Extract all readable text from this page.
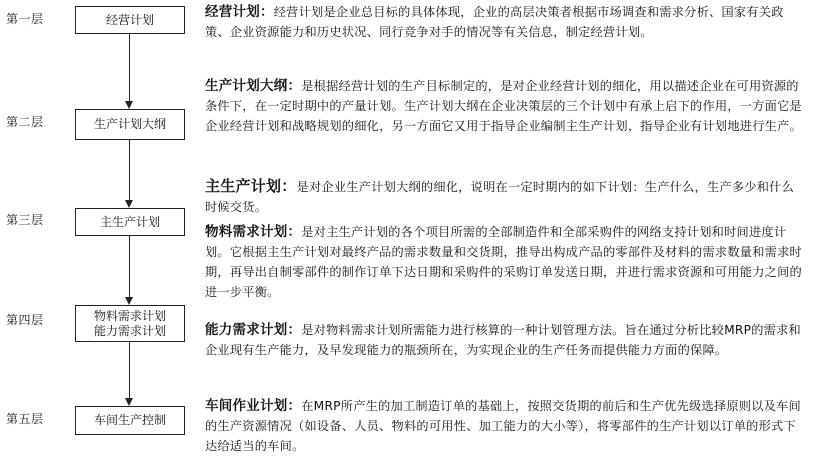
第一层
第二层
第三层
第四层
第五层
经营计划
生产计划大纲
主生产计划
物料需求计划
能力需求计划
车间生产控制
经营计划：经营计划是企业总目标的具体体现，企业的高层决策者根据市场调查和需求分析、国家有关政策、企业资源能力和历史状况、同行竞争对手的情况等有关信息，制定经营计划。
生产计划大纲：是根据经营计划的生产目标制定的，是对企业经营计划的细化，用以描述企业在可用资源的条件下，在一定时期中的产量计划。生产计划大纲在企业决策层的三个计划中有承上启下的作用，一方面它是企业经营计划和战略规划的细化，另一方面它又用于指导企业编制主生产计划，指导企业有计划地进行生产。
主生产计划：是对企业生产计划大纲的细化，说明在一定时期内的如下计划：生产什么，生产多少和什么时候交货。
物料需求计划：是对主生产计划的各个项目所需的全部制造件和全部采购件的网络支持计划和时间进度计划。它根据主生产计划对最终产品的需求数量和交货期，推导出构成产品的零部件及材料的需求数量和需求时期，再导出自制零部件的制作订单下达日期和采购件的采购订单发送日期，并进行需求资源和可用能力之间的进一步平衡。
能力需求计划：是对物料需求计划所需能力进行核算的一种计划管理方法。旨在通过分析比较MRP的需求和企业现有生产能力，及早发现能力的瓶颈所在，为实现企业的生产任务而提供能力方面的保障。
车间作业计划：在MRP所产生的加工制造订单的基础上，按照交货期的前后和生产优先级选择原则以及车间的生产资源情况（如设备、人员、物料的可用性、加工能力的大小等），将零部件的生产计划以订单的形式下达给适当的车间。
